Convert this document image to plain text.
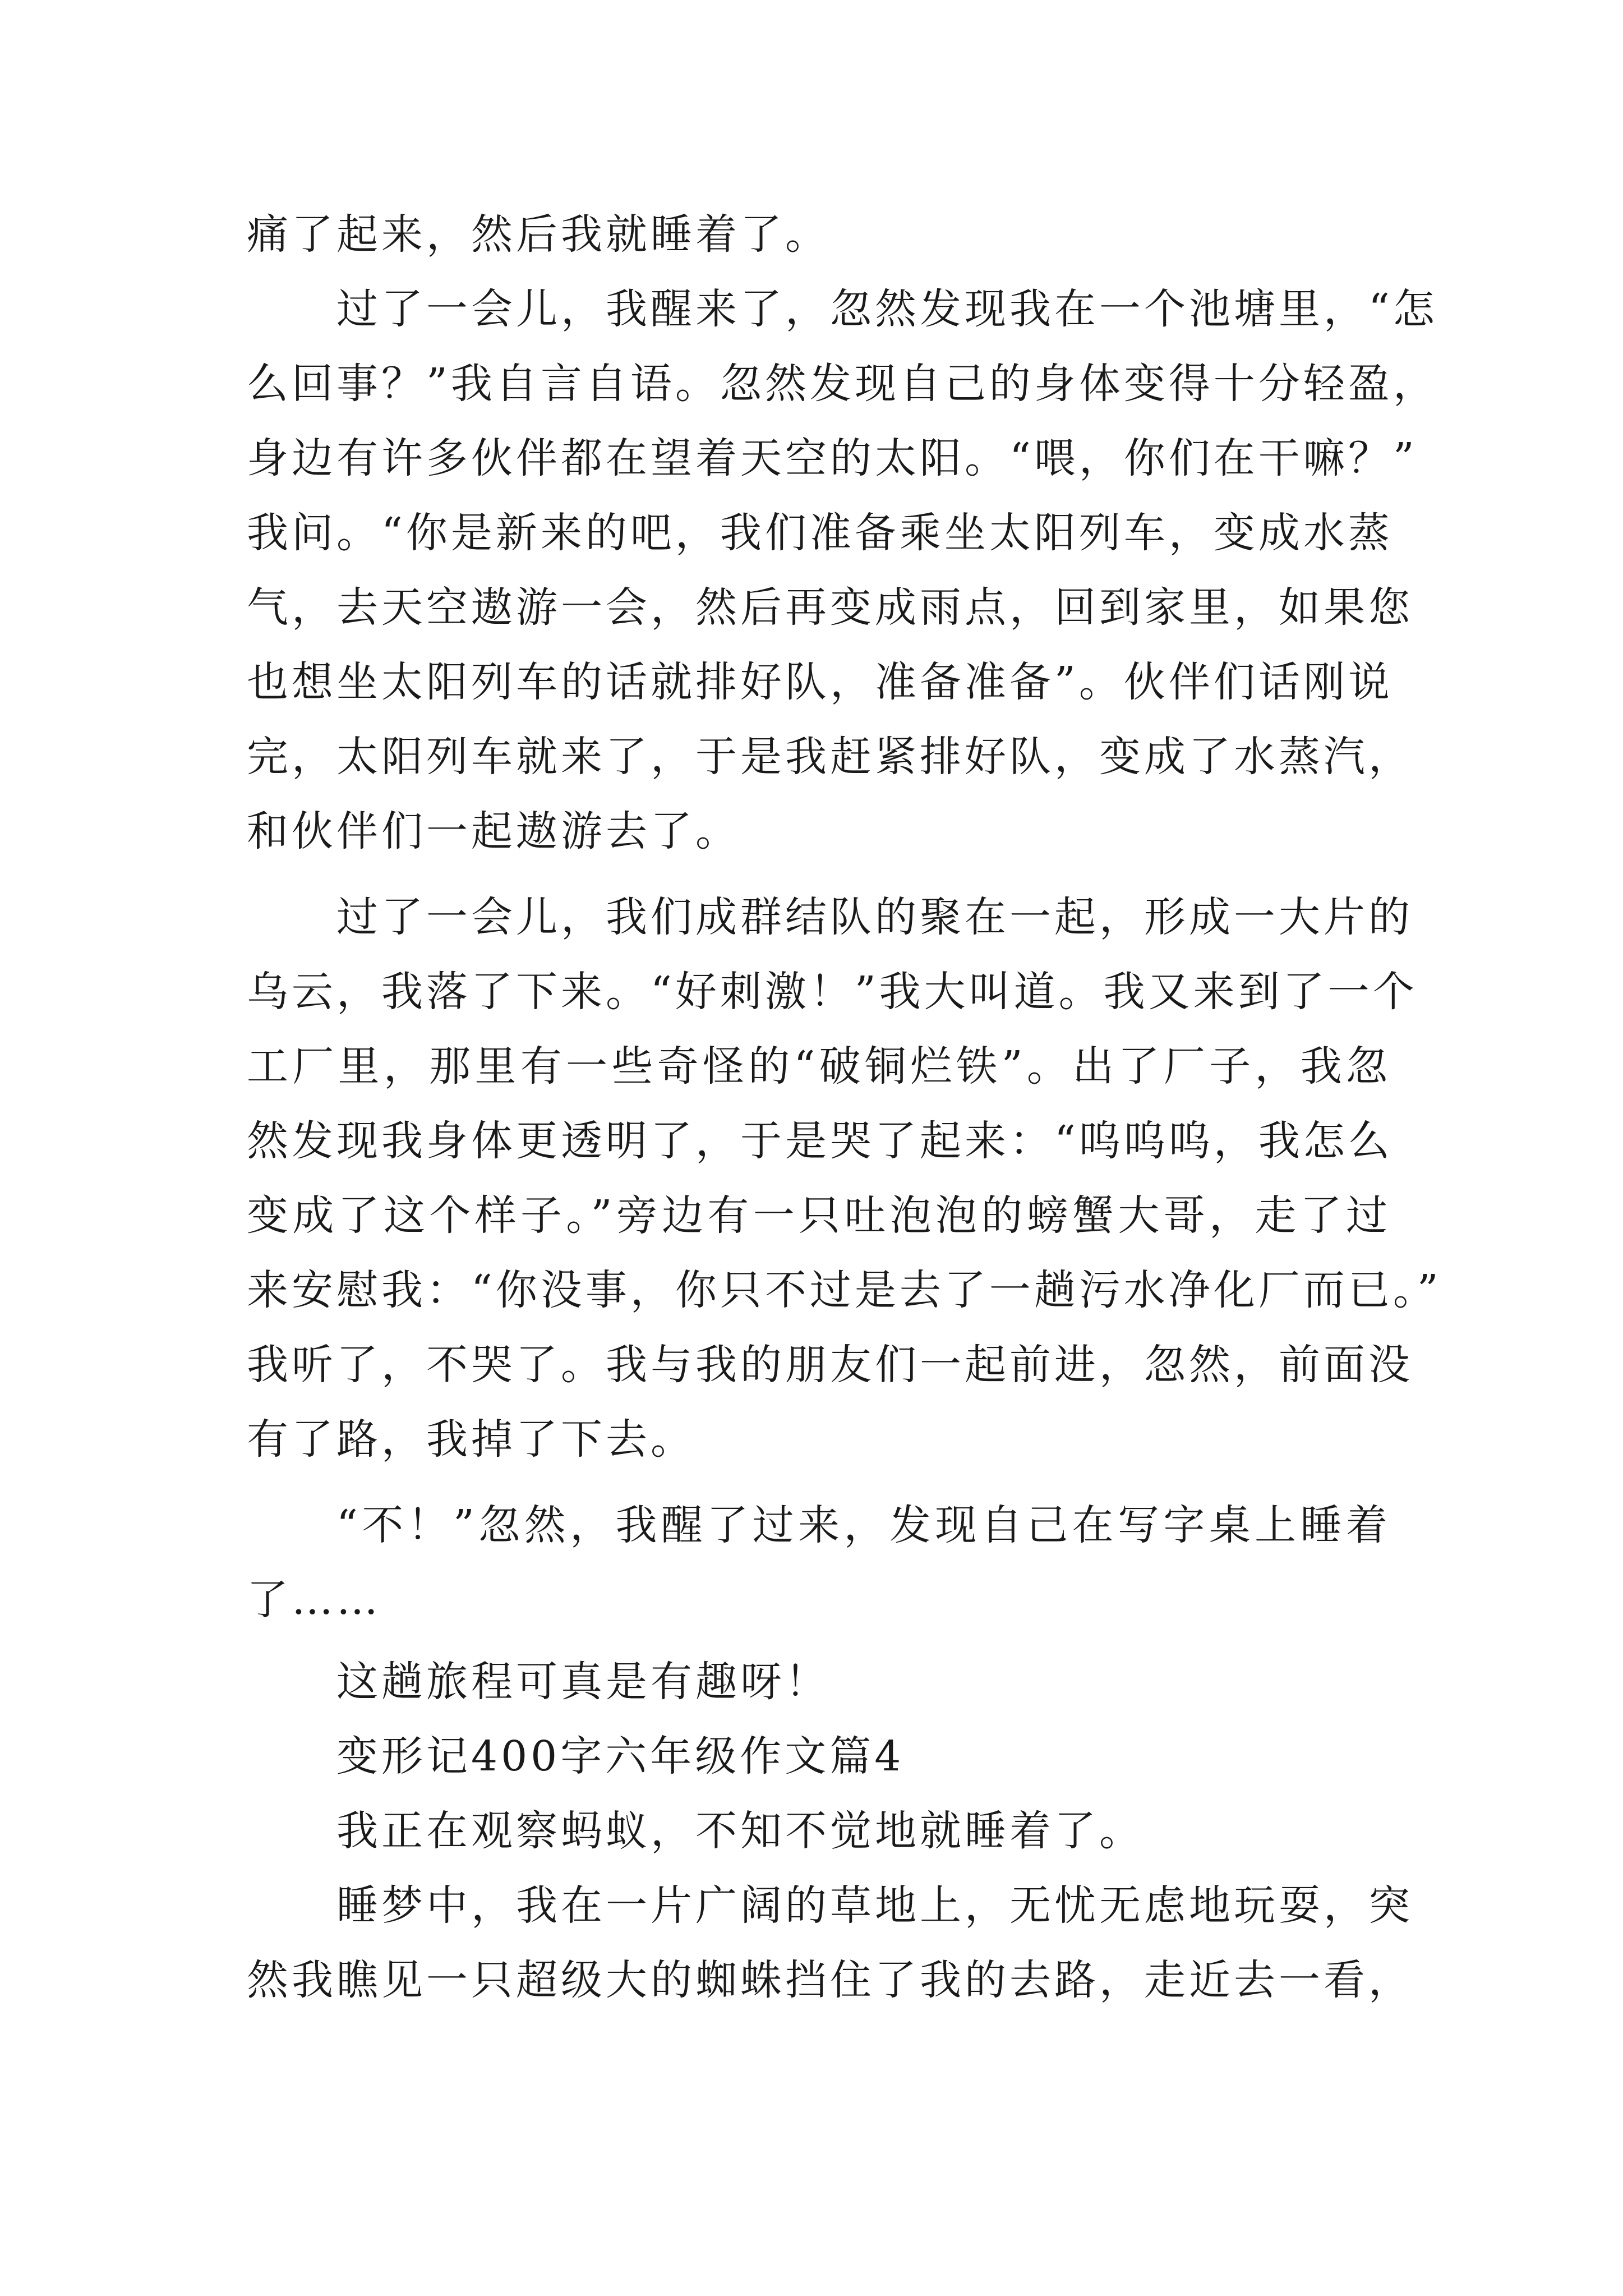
痛了起来，然后我就睡着了。

过了一会儿，我醒来了，忽然发现我在一个池塘里，“怎

么回事？”我自言自语。忽然发现自己的身体变得十分轻盈，

身边有许多伙伴都在望着天空的太阳。“喂，你们在干嘛？”

我问。“你是新来的吧，我们准备乘坐太阳列车，变成水蒸

气，去天空遨游一会，然后再变成雨点，回到家里，如果您

也想坐太阳列车的话就排好队，准备准备”。伙伴们话刚说

完，太阳列车就来了，于是我赶紧排好队，变成了水蒸汽，

和伙伴们一起遨游去了。

过了一会儿，我们成群结队的聚在一起，形成一大片的

乌云，我落了下来。“好刺激！”我大叫道。我又来到了一个

工厂里，那里有一些奇怪的“破铜烂铁”。出了厂子，我忽

然发现我身体更透明了，于是哭了起来：“呜呜呜，我怎么

变成了这个样子。”旁边有一只吐泡泡的螃蟹大哥，走了过

来安慰我：“你没事，你只不过是去了一趟污水净化厂而已。”

我听了，不哭了。我与我的朋友们一起前进，忽然，前面没

有了路，我掉了下去。

“不！”忽然，我醒了过来，发现自己在写字桌上睡着

了……

这趟旅程可真是有趣呀！

变形记400字六年级作文篇4

我正在观察蚂蚁，不知不觉地就睡着了。

睡梦中，我在一片广阔的草地上，无忧无虑地玩耍，突

然我瞧见一只超级大的蜘蛛挡住了我的去路，走近去一看，
